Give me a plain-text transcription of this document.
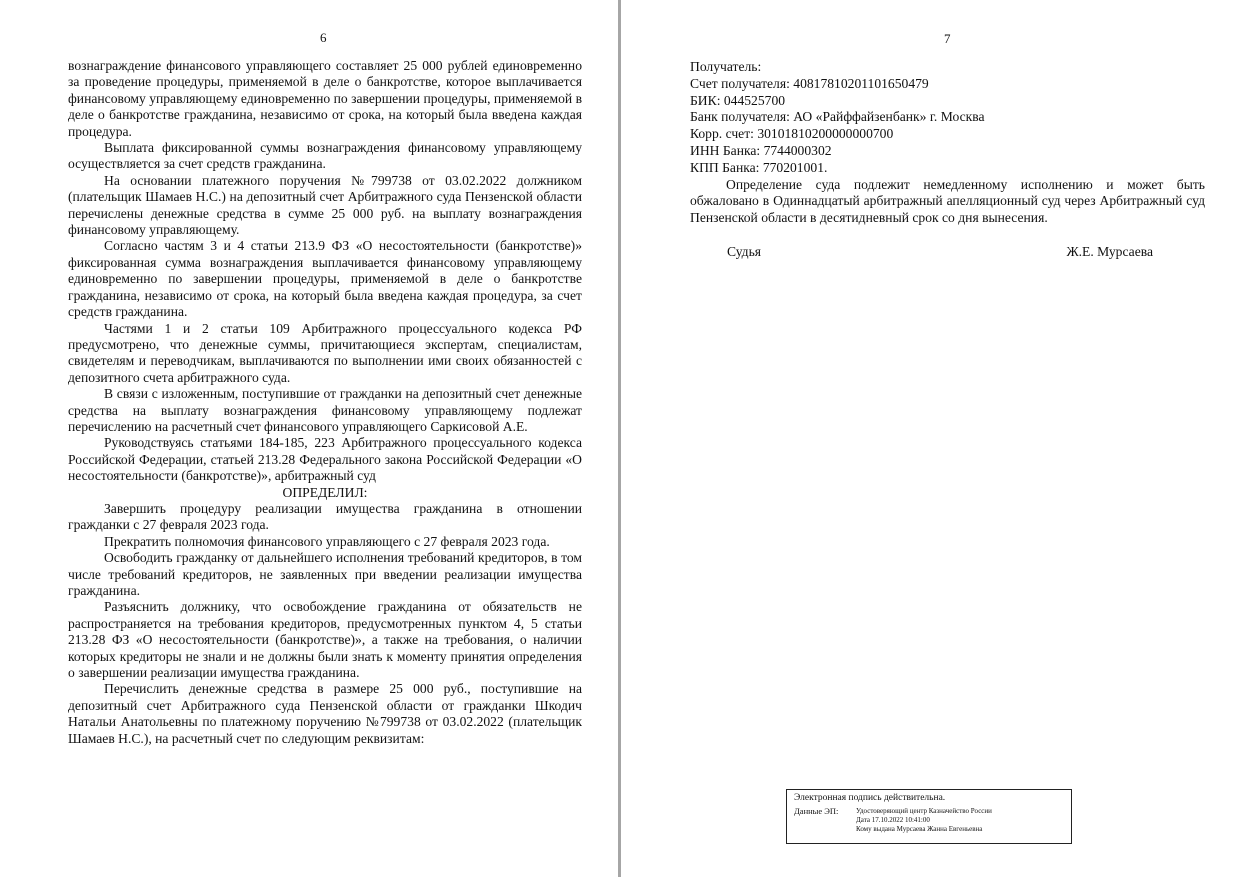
6

вознаграждение финансового управляющего составляет 25 000 рублей единовременно за проведение процедуры, применяемой в деле о банкротстве, которое выплачивается финансовому управляющему единовременно по завершении процедуры, применяемой в деле о банкротстве гражданина, независимо от срока, на который была введена каждая процедура.

Выплата фиксированной суммы вознаграждения финансовому управляющему осуществляется за счет средств гражданина.

На основании платежного поручения №799738 от 03.02.2022 должником (плательщик Шамаев Н.С.) на депозитный счет Арбитражного суда Пензенской области перечислены денежные средства в сумме 25 000 руб. на выплату вознаграждения финансовому управляющему.

Согласно частям 3 и 4 статьи 213.9 ФЗ «О несостоятельности (банкротстве)» фиксированная сумма вознаграждения выплачивается финансовому управляющему единовременно по завершении процедуры, применяемой в деле о банкротстве гражданина, независимо от срока, на который была введена каждая процедура, за счет средств гражданина.

Частями 1 и 2 статьи 109 Арбитражного процессуального кодекса РФ предусмотрено, что денежные суммы, причитающиеся экспертам, специалистам, свидетелям и переводчикам, выплачиваются по выполнении ими своих обязанностей с депозитного счета арбитражного суда.

В связи с изложенным, поступившие от гражданки на депозитный счет денежные средства на выплату вознаграждения финансовому управляющему подлежат перечислению на расчетный счет финансового управляющего Саркисовой А.Е.

Руководствуясь статьями 184-185, 223 Арбитражного процессуального кодекса Российской Федерации, статьей 213.28 Федерального закона Российской Федерации «О несостоятельности (банкротстве)», арбитражный суд

ОПРЕДЕЛИЛ:

Завершить процедуру реализации имущества гражданина в отношении гражданки с 27 февраля 2023 года.

Прекратить полномочия финансового управляющего с 27 февраля 2023 года.

Освободить гражданку от дальнейшего исполнения требований кредиторов, в том числе требований кредиторов, не заявленных при введении реализации имущества гражданина.

Разъяснить должнику, что освобождение гражданина от обязательств не распространяется на требования кредиторов, предусмотренных пунктом 4, 5 статьи 213.28 ФЗ «О несостоятельности (банкротстве)», а также на требования, о наличии которых кредиторы не знали и не должны были знать к моменту принятия определения о завершении реализации имущества гражданина.

Перечислить денежные средства в размере 25 000 руб., поступившие на депозитный счет Арбитражного суда Пензенской области от гражданки Шкодич Натальи Анатольевны по платежному поручению №799738 от 03.02.2022 (плательщик Шамаев Н.С.), на расчетный счет по следующим реквизитам:

7

Получатель:

Счет получателя: 40817810201101650479

БИК: 044525700

Банк получателя: АО «Райффайзенбанк» г. Москва

Корр. счет: 30101810200000000700

ИНН Банка: 7744000302

КПП Банка: 770201001.

Определение суда подлежит немедленному исполнению и может быть обжаловано в Одиннадцатый арбитражный апелляционный суд через Арбитражный суд Пензенской области в десятидневный срок со дня вынесения.

Судья	Ж.Е. Мурсаева
Электронная подпись действительна.
Данные ЭП:	Удостоверяющий центр Казначейство России
Дата 17.10.2022 10:41:00
Кому выдана Мурсаева Жанна Евгеньевна
